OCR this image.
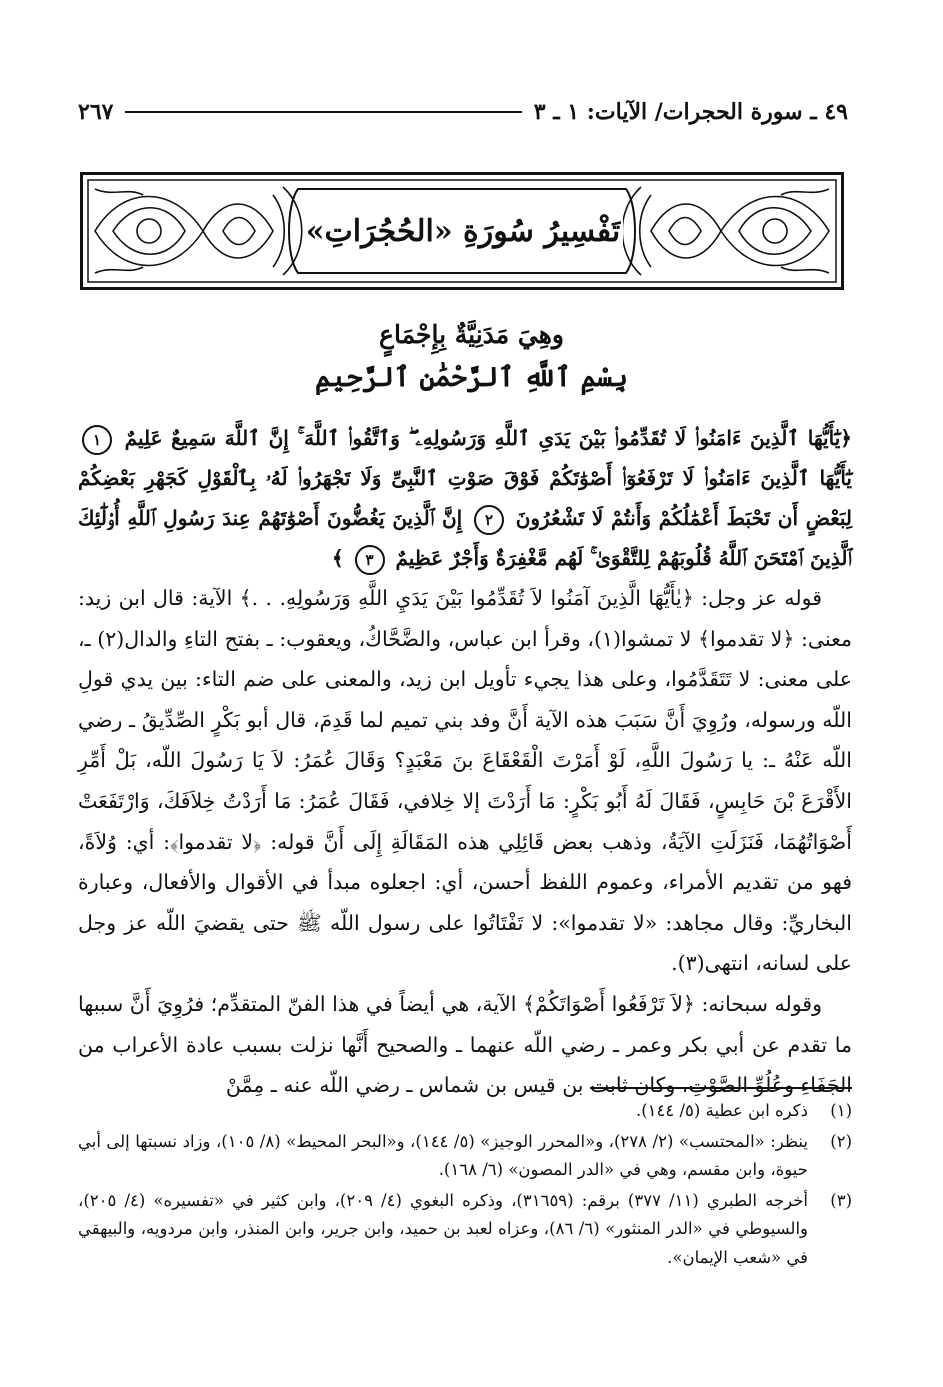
٤٩ ـ سورة الحجرات/ الآيات: ١ ـ ٣
٢٦٧
تَفْسِيرُ سُورَةِ «الحُجُرَاتِ»
وهِيَ مَدَنِيَّةٌ بِإِجْمَاعٍ
بِسْمِ ٱللَّهِ ٱلرَّحْمَٰنِ ٱلرَّحِيمِ
﴿يَٰٓأَيُّهَا ٱلَّذِينَ ءَامَنُوا۟ لَا تُقَدِّمُوا۟ بَيْنَ يَدَىِ ٱللَّهِ وَرَسُولِهِۦ ۖ وَٱتَّقُوا۟ ٱللَّهَ ۚ إِنَّ ٱللَّهَ سَمِيعٌ عَلِيمٌ ١ يَٰٓأَيُّهَا ٱلَّذِينَ ءَامَنُوا۟ لَا تَرْفَعُوٓا۟ أَصْوَٰتَكُمْ فَوْقَ صَوْتِ ٱلنَّبِىِّ وَلَا تَجْهَرُوا۟ لَهُۥ بِٱلْقَوْلِ كَجَهْرِ بَعْضِكُمْ لِبَعْضٍ أَن تَحْبَطَ أَعْمَٰلُكُمْ وَأَنتُمْ لَا تَشْعُرُونَ ٢ إِنَّ ٱلَّذِينَ يَغُضُّونَ أَصْوَٰتَهُمْ عِندَ رَسُولِ ٱللَّهِ أُو۟لَٰٓئِكَ ٱلَّذِينَ ٱمْتَحَنَ ٱللَّهُ قُلُوبَهُمْ لِلتَّقْوَىٰ ۚ لَهُم مَّغْفِرَةٌ وَأَجْرٌ عَظِيمٌ ٣ ﴾

قوله عز وجل: ﴿يٰأَيُّهَا الَّذِينَ آمَنُوا لاَ تُقَدِّمُوا بَيْنَ يَدَيِ اللَّهِ وَرَسُولِهِ. . .﴾ الآية: قال ابن زيد: معنى: ﴿لا تقدموا﴾ لا تمشوا(١)، وقرأ ابن عباس، والضَّحَّاكُ، ويعقوب: ـ بفتح التاءِ والدال(٢) ـ، على معنى: لا تَتَقَدَّمُوا، وعلى هذا يجيء تأويل ابن زيد، والمعنى على ضم التاء: بين يدي قولِ اللّه ورسوله، ورُوِيَ أَنَّ سَبَبَ هذه الآية أَنَّ وفد بني تميم لما قَدِمَ، قال أبو بَكْرٍ الصِّدِّيقُ ـ رضي اللّه عَنْهُ ـ: يا رَسُولَ اللَّهِ، لَوْ أَمَرْتَ الْقَعْقَاعَ بنَ مَعْبَدٍ؟ وَقَالَ عُمَرُ: لاَ يَا رَسُولَ اللّه، بَلْ أَمِّرِ الأَقْرَعَ بْنَ حَابِسٍ، فَقَالَ لَهُ أَبُو بَكْرٍ: مَا أَرَدْتَ إلا خِلافي، فَقَالَ عُمَرُ: مَا أَرَدْتُ خِلاَفَكَ، وَارْتَفَعَتْ أَصْوَاتُهُمَا، فَنَزَلَتِ الآيَةُ، وذهب بعض قَائِلِي هذه المَقَالَةِ إِلَى أَنَّ قوله: ﴿لا تقدموا﴾: أي: وُلاَةً، فهو من تقديم الأمراء، وعموم اللفظ أحسن، أي: اجعلوه مبدأ في الأقوال والأفعال، وعبارة البخاريِّ: وقال مجاهد: «لا تقدموا»: لا تَفْتَاتُوا على رسول اللّه ﷺ حتى يقضيَ اللّه عز وجل على لسانه، انتهى(٣).

وقوله سبحانه: ﴿لاَ تَرْفَعُوا أَصْوَاتَكُمْ﴾ الآية، هي أيضاً في هذا الفنّ المتقدِّم؛ فرُوِيَ أَنَّ سببها ما تقدم عن أبي بكر وعمر ـ رضي اللّه عنهما ـ والصحيح أَنَّها نزلت بسبب عادة الأعراب من الجَفَاءِ وعُلُوِّ الصَّوْتِ، وكان ثابت بن قيس بن شماس ـ رضي اللّه عنه ـ مِمَّنْ

(١)
ذكره ابن عطية (٥/ ١٤٤).
(٢)
ينظر: «المحتسب» (٢/ ٢٧٨)، و«المحرر الوجيز» (٥/ ١٤٤)، و«البحر المحيط» (٨/ ١٠٥)، وزاد نسبتها إلى أبي حيوة، وابن مقسم، وهي في «الدر المصون» (٦/ ١٦٨).
(٣)
أخرجه الطبري (١١/ ٣٧٧) برقم: (٣١٦٥٩)، وذكره البغوي (٤/ ٢٠٩)، وابن كثير في «تفسيره» (٤/ ٢٠٥)، والسيوطي في «الدر المنثور» (٦/ ٨٦)، وعزاه لعبد بن حميد، وابن جرير، وابن المنذر، وابن مردويه، والبيهقي في «شعب الإيمان».
